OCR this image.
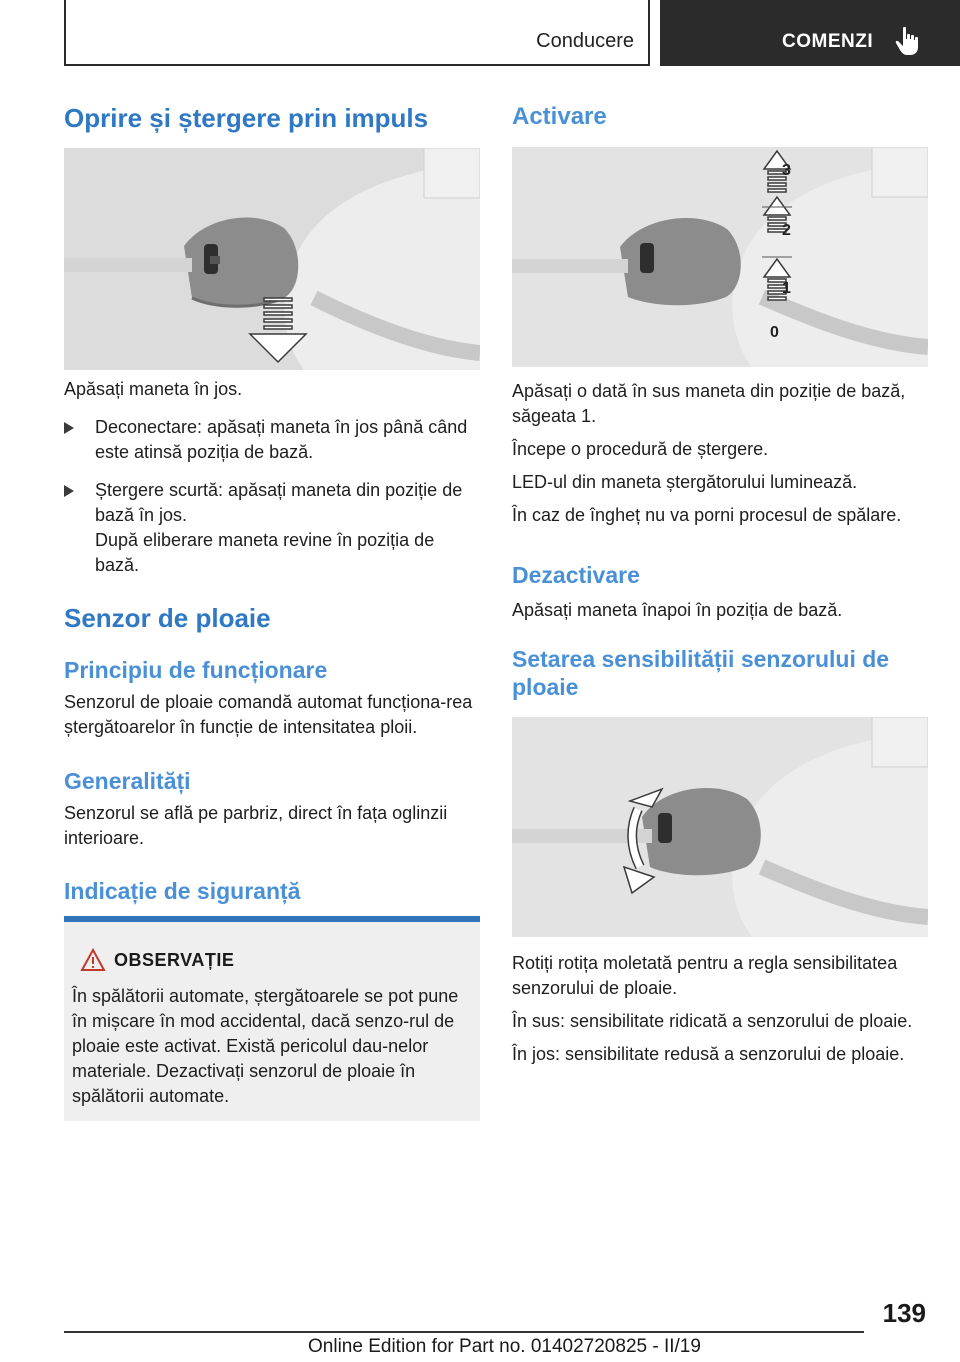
Conducere	COMENZI
Oprire și ștergere prin impuls

Apăsați maneta în jos.

Deconectare: apăsați maneta în jos până când este atinsă poziția de bază.
Ștergere scurtă: apăsați maneta din poziție de bază în jos.

După eliberare maneta revine în poziția de bază.

Senzor de ploaie
Principiu de funcționare

Senzorul de ploaie comandă automat funcționa-rea ștergătoarelor în funcție de intensitatea ploii.

Generalități

Senzorul se află pe parbriz, direct în fața oglinzii interioare.

Indicație de siguranță
OBSERVAȚIE

În spălătorii automate, ștergătoarele se pot pune în mișcare în mod accidental, dacă senzo-rul de ploaie este activat. Există pericolul dau-nelor materiale. Dezactivați senzorul de ploaie în spălătorii automate.

Activare
3
2
1
0

Apăsați o dată în sus maneta din poziție de bază, săgeata 1.

Începe o procedură de ștergere.

LED-ul din maneta ștergătorului luminează.

În caz de îngheț nu va porni procesul de spălare.

Dezactivare

Apăsați maneta înapoi în poziția de bază.

Setarea sensibilității senzorului de ploaie

Rotiți rotița moletată pentru a regla sensibilitatea senzorului de ploaie.

În sus: sensibilitate ridicată a senzorului de ploaie.

În jos: sensibilitate redusă a senzorului de ploaie.

139
Online Edition for Part no. 01402720825 - II/19
